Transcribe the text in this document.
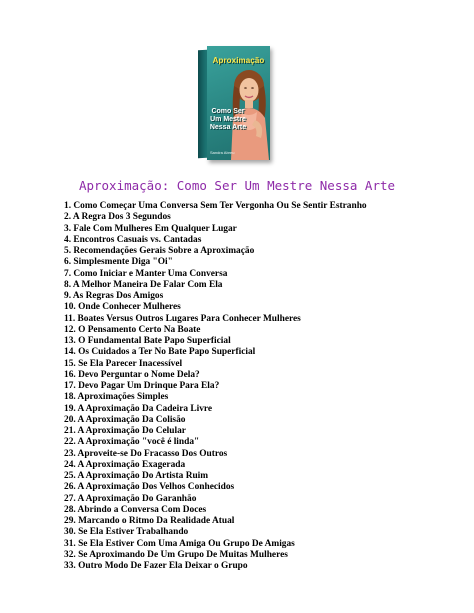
Aproximação
Como Ser
Um Mestre
Nessa Arte
Sandra Abreu
Aproximação: Como Ser Um Mestre Nessa Arte
1. Como Começar Uma Conversa Sem Ter Vergonha Ou Se Sentir Estranho
2. A Regra Dos 3 Segundos
3. Fale Com Mulheres Em Qualquer Lugar
4. Encontros Casuais vs. Cantadas
5. Recomendações Gerais Sobre a Aproximação
6. Simplesmente Diga "Oi"
7. Como Iniciar e Manter Uma Conversa
8. A Melhor Maneira De Falar Com Ela
9. As Regras Dos Amigos
10. Onde Conhecer Mulheres
11. Boates Versus Outros Lugares Para Conhecer Mulheres
12. O Pensamento Certo Na Boate
13. O Fundamental Bate Papo Superficial
14. Os Cuidados a Ter No Bate Papo Superficial
15. Se Ela Parecer Inacessível
16. Devo Perguntar o Nome Dela?
17. Devo Pagar Um Drinque Para Ela?
18. Aproximações Simples
19. A Aproximação Da Cadeira Livre
20. A Aproximação Da Colisão
21. A Aproximação Do Celular
22. A Aproximação "você é linda"
23. Aproveite-se Do Fracasso Dos Outros
24. A Aproximação Exagerada
25. A Aproximação Do Artista Ruim
26. A Aproximação Dos Velhos Conhecidos
27. A Aproximação Do Garanhão
28. Abrindo a Conversa Com Doces
29. Marcando o Ritmo Da Realidade Atual
30. Se Ela Estiver Trabalhando
31. Se Ela Estiver Com Uma Amiga Ou Grupo De Amigas
32. Se Aproximando De Um Grupo De Muitas Mulheres
33. Outro Modo De Fazer Ela Deixar o Grupo
